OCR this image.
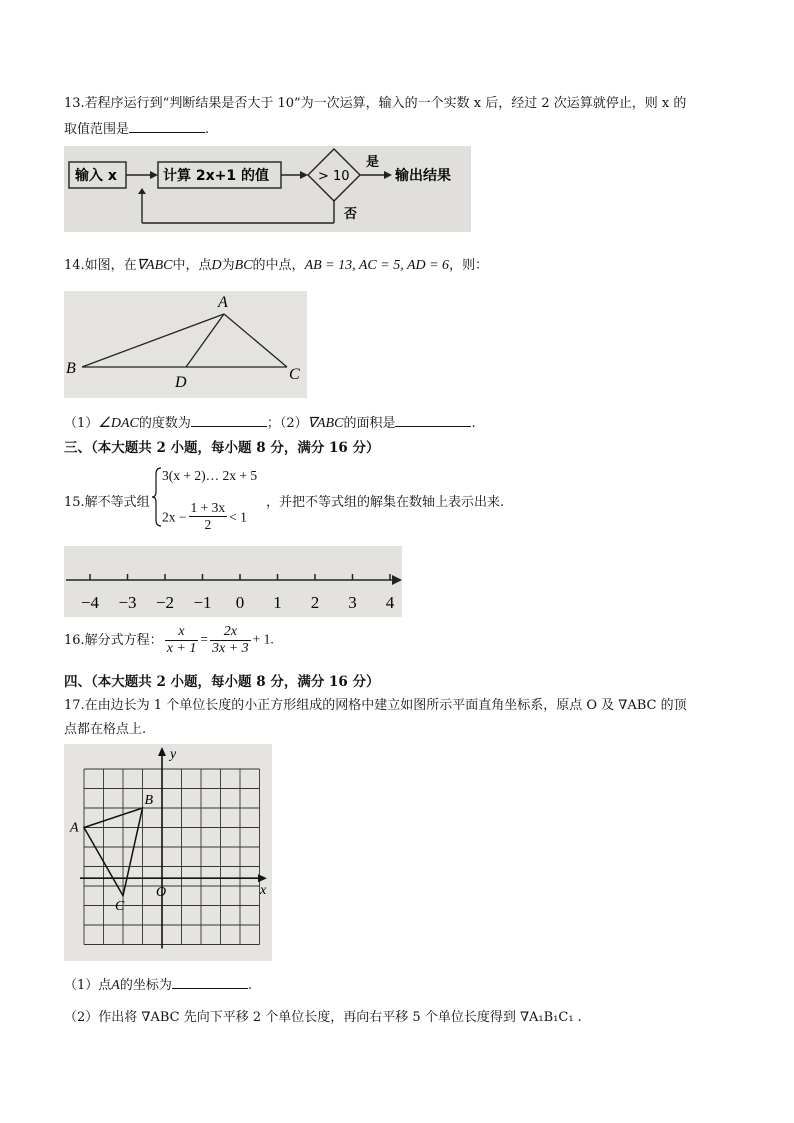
13.若程序运行到“判断结果是否大于 10”为一次运算，输入的一个实数 x 后，经过 2 次运算就停止，则 x 的
取值范围是	.
输入 x	计算 2x+1 的值	> 10
是
输出结果
否
14.如图，在∇ABC中，点D为BC的中点，AB = 13, AC = 5, AD = 6，则：
A
B	C
D
（1）∠DAC的度数为	；（2）∇ABC的面积是	.
三、（本大题共 2 小题，每小题 8 分，满分 16 分）
15.解不等式组
3(x + 2)… 2x + 5
$2x - \frac{1 + 3x}{2} < 1$
，并把不等式组的解集在数轴上表示出来.
−4 −3 −2 −1 0 1 2 3 4
16.解分式方程： $\frac{x}{x + 1} = \frac{2x}{3x + 3} + 1$.
四、（本大题共 2 小题，每小题 8 分，满分 16 分）
17.在由边长为 1 个单位长度的小正方形组成的网格中建立如图所示平面直角坐标系，原点 O 及 ∇ABC 的顶
点都在格点上.
y
x
O
A
B
C
（1）点A的坐标为	.
（2）作出将 ∇ABC 先向下平移 2 个单位长度，再向右平移 5 个单位长度得到 ∇A₁B₁C₁ .
